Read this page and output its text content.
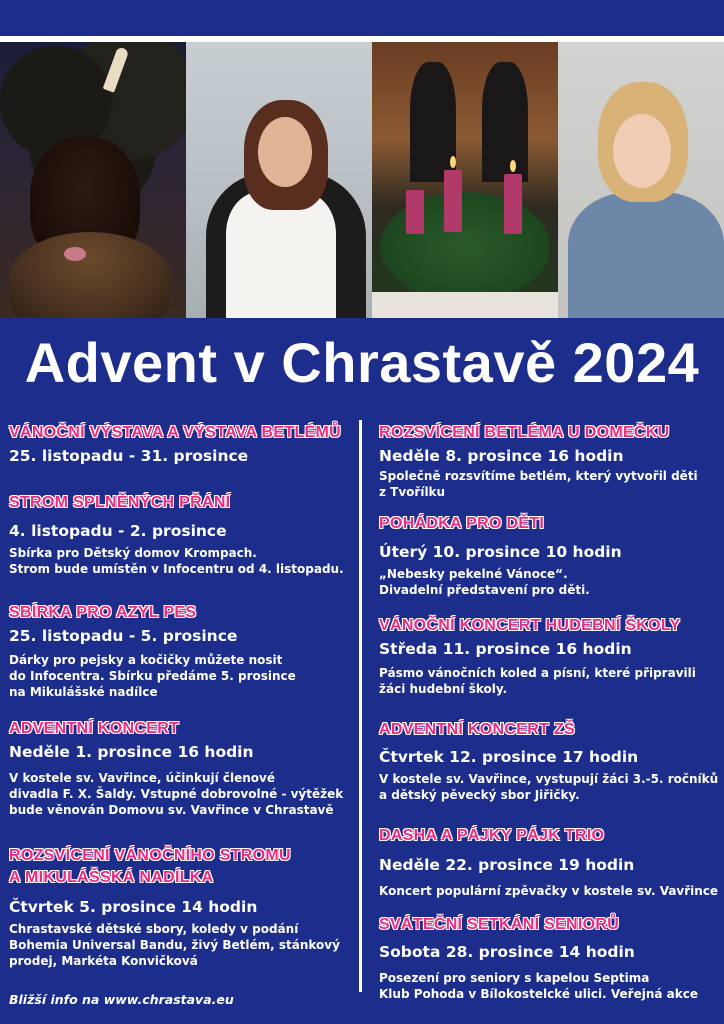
Advent v Chrastavě 2024
VÁNOČNÍ VÝSTAVA A VÝSTAVA BETLÉMŮ
25. listopadu - 31. prosince
STROM SPLNĚNÝCH PŘÁNÍ
4. listopadu - 2. prosince
Sbírka pro Dětský domov Krompach.
Strom bude umístěn v Infocentru od 4. listopadu.
SBÍRKA PRO AZYL PES
25. listopadu - 5. prosince
Dárky pro pejsky a kočičky můžete nosit
do Infocentra. Sbírku předáme 5. prosince
na Mikulášské nadílce
ADVENTNÍ KONCERT
Neděle 1. prosince 16 hodin
V kostele sv. Vavřince, účinkují členové
divadla F. X. Šaldy. Vstupné dobrovolné - výtěžek
bude věnován Domovu sv. Vavřince v Chrastavě
ROZSVÍCENÍ VÁNOČNÍHO STROMU
A MIKULÁŠSKÁ NADÍLKA
Čtvrtek 5. prosince 14 hodin
Chrastavské dětské sbory, koledy v podání
Bohemia Universal Bandu, živý Betlém, stánkový
prodej, Markéta Konvičková
ROZSVÍCENÍ BETLÉMA U DOMEČKU
Neděle 8. prosince 16 hodin
Společně rozsvítíme betlém, který vytvořil děti
z Tvořílku
POHÁDKA PRO DĚTI
Úterý 10. prosince 10 hodin
„Nebesky pekelné Vánoce“.
Divadelní představení pro děti.
VÁNOČNÍ KONCERT HUDEBNÍ ŠKOLY
Středa 11. prosince 16 hodin
Pásmo vánočních koled a písní, které připravili
žáci hudební školy.
ADVENTNÍ KONCERT ZŠ
Čtvrtek 12. prosince 17 hodin
V kostele sv. Vavřince, vystupují žáci 3.-5. ročníků
a dětský pěvecký sbor Jiřičky.
DASHA A PÁJKY PÁJK TRIO
Neděle 22. prosince 19 hodin
Koncert populární zpěvačky v kostele sv. Vavřince
SVÁTEČNÍ SETKÁNÍ SENIORŮ
Sobota 28. prosince 14 hodin
Posezení pro seniory s kapelou Septima
Klub Pohoda v Bílokostelcké ulici. Veřejná akce
Bližší info na www.chrastava.eu
